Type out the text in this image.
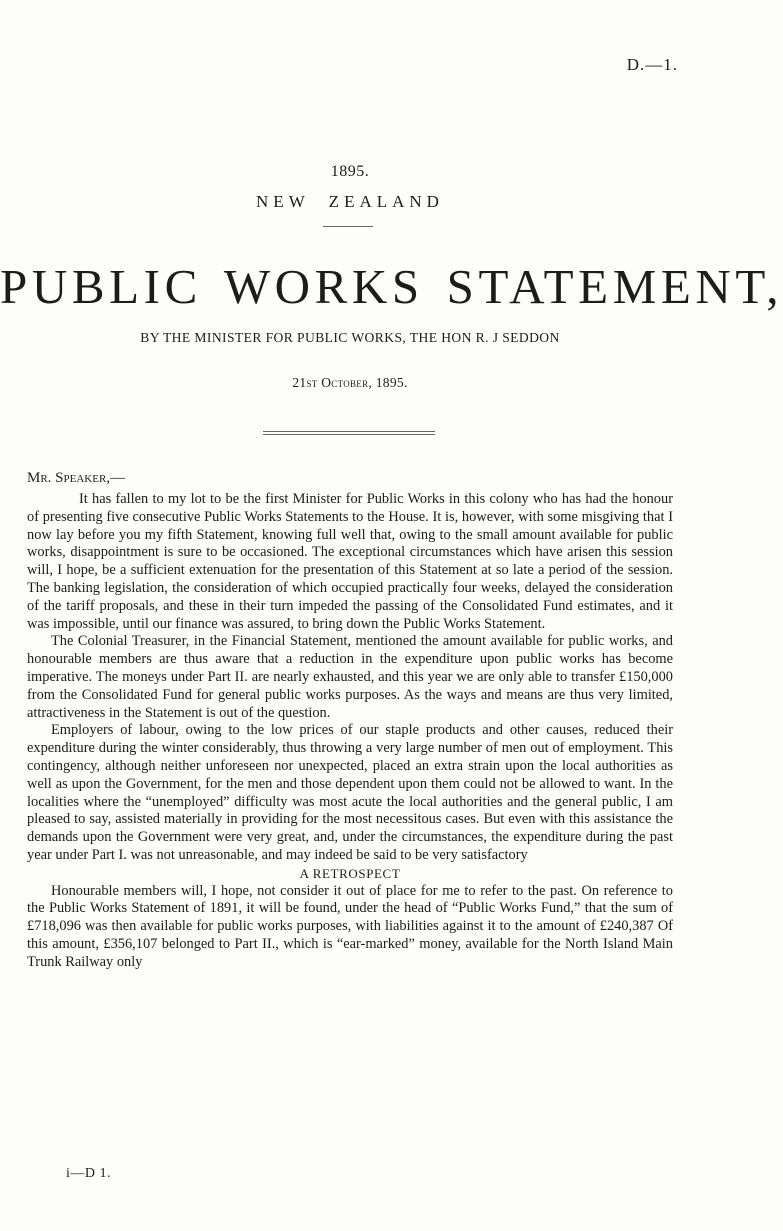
D.—1.
1895.
NEW ZEALAND
PUBLIC WORKS STATEMENT,
BY THE MINISTER FOR PUBLIC WORKS, THE HON R. J SEDDON
21st October, 1895.
Mr. Speaker,—

It has fallen to my lot to be the first Minister for Public Works in this colony who has had the honour of presenting five consecutive Public Works Statements to the House. It is, however, with some misgiving that I now lay before you my fifth Statement, knowing full well that, owing to the small amount available for public works, disappointment is sure to be occasioned. The exceptional circumstances which have arisen this session will, I hope, be a sufficient extenuation for the presentation of this Statement at so late a period of the session. The banking legislation, the consideration of which occupied practically four weeks, delayed the consideration of the tariff proposals, and these in their turn impeded the passing of the Consolidated Fund estimates, and it was impossible, until our finance was assured, to bring down the Public Works Statement.

The Colonial Treasurer, in the Financial Statement, mentioned the amount available for public works, and honourable members are thus aware that a reduction in the expenditure upon public works has become imperative. The moneys under Part II. are nearly exhausted, and this year we are only able to transfer £150,000 from the Consolidated Fund for general public works purposes. As the ways and means are thus very limited, attractiveness in the Statement is out of the question.

Employers of labour, owing to the low prices of our staple products and other causes, reduced their expenditure during the winter considerably, thus throwing a very large number of men out of employment. This contingency, although neither unforeseen nor unexpected, placed an extra strain upon the local authorities as well as upon the Government, for the men and those dependent upon them could not be allowed to want. In the localities where the “unemployed” difficulty was most acute the local authorities and the general public, I am pleased to say, assisted materially in providing for the most necessitous cases. But even with this assistance the demands upon the Government were very great, and, under the circumstances, the expenditure during the past year under Part I. was not unreasonable, and may indeed be said to be very satisfactory

A RETROSPECT

Honourable members will, I hope, not consider it out of place for me to refer to the past. On reference to the Public Works Statement of 1891, it will be found, under the head of “Public Works Fund,” that the sum of £718,096 was then available for public works purposes, with liabilities against it to the amount of £240,387 Of this amount, £356,107 belonged to Part II., which is “ear-marked” money, available for the North Island Main Trunk Railway only

i—D 1.
